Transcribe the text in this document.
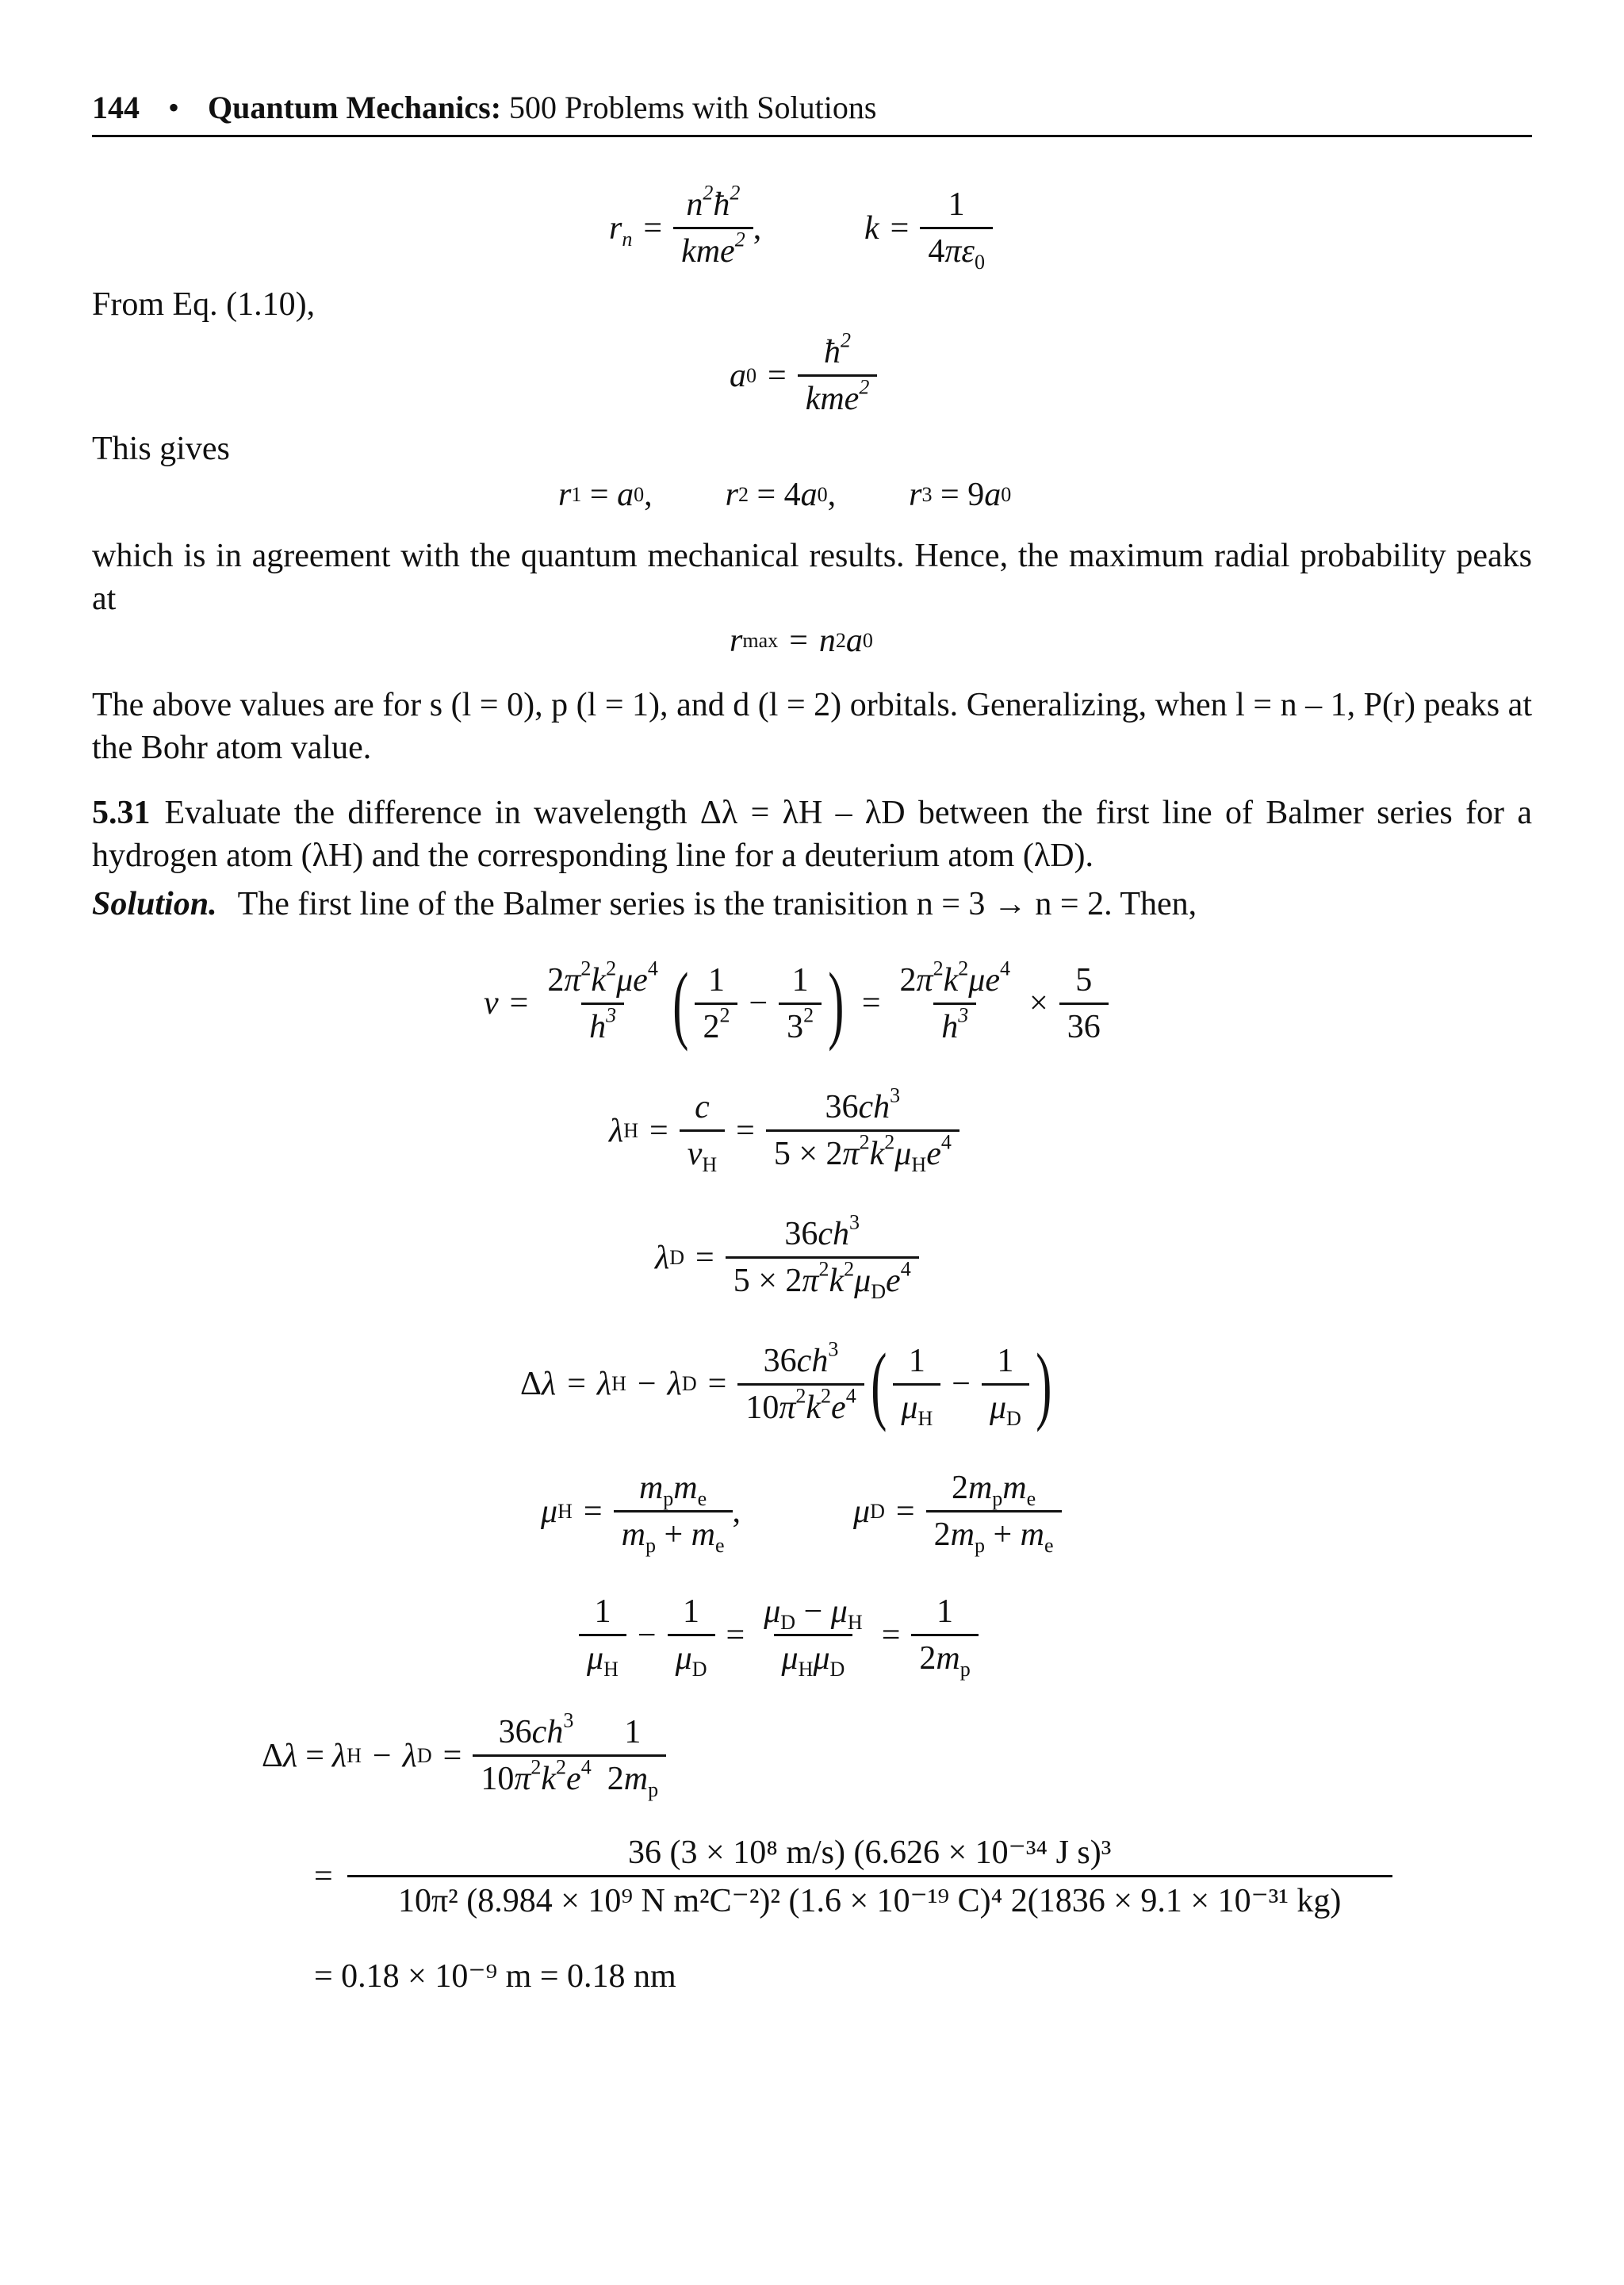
144 • Quantum Mechanics: 500 Problems with Solutions
$r_n = \frac{n^2ħ^2}{kme^2}$ ,	$k = \frac{1}{4\pi\varepsilon_0}$
From Eq. (1.10),
a $0 = \frac{ħ^2}{kme^2}$
This gives
r 1 = a 0 , r 2 = 4 a 0 , r 3 = 9 a 0
which is in agreement with the quantum mechanical results. Hence, the maximum radial probability peaks at
r max = n 2 a 0
The above values are for s (l = 0), p (l = 1), and d (l = 2) orbitals. Generalizing, when l = n – 1, P(r) peaks at the Bohr atom value.
5.31 Evaluate the difference in wavelength Δλ = λH – λD between the first line of Balmer series for a hydrogen atom (λH) and the corresponding line for a deuterium atom (λD).
Solution. The first line of the Balmer series is the tranisition n = 3 → n = 2. Then,
$\nu = \frac{2\pi^2k^2\mu e^4}{h^3}$ ( $\frac{1}{2^2} - \frac{1}{3^2}$ ) = $\frac{2\pi^2k^2\mu e^4}{h^3} \times \frac{5}{36}$
λ $H = \frac{c}{\nu_H} = \frac{36ch^3}{5 \times 2\pi^2k^2\mu_He^4}$
λ $D = \frac{36ch^3}{5 \times 2\pi^2k^2\mu_De^4}$
Δ λ = λ H − λ $D = \frac{36ch^3}{10\pi^2k^2e^4}$ ( $\frac{1}{\mu_H} - \frac{1}{\mu_D}$ )
μ $H = \frac{m_pm_e}{m_p + m_e}$ ,	μ $D = \frac{2m_pm_e}{2m_p + m_e}$
$\frac{1}{\mu_H} - \frac{1}{\mu_D} = \frac{\mu_D - \mu_H}{\mu_H\mu_D} = \frac{1}{2m_p}$
Δ λ = λ H − λ $D = \frac{36ch^3}{10\pi^2k^2e^4} \frac{1}{2m_p}$
=
36 (3 × 10⁸ m/s) (6.626 × 10⁻³⁴ J s)³
10π² (8.984 × 10⁹ N m²C⁻²)² (1.6 × 10⁻¹⁹ C)⁴ 2(1836 × 9.1 × 10⁻³¹ kg)
= 0.18 × 10⁻⁹ m = 0.18 nm
